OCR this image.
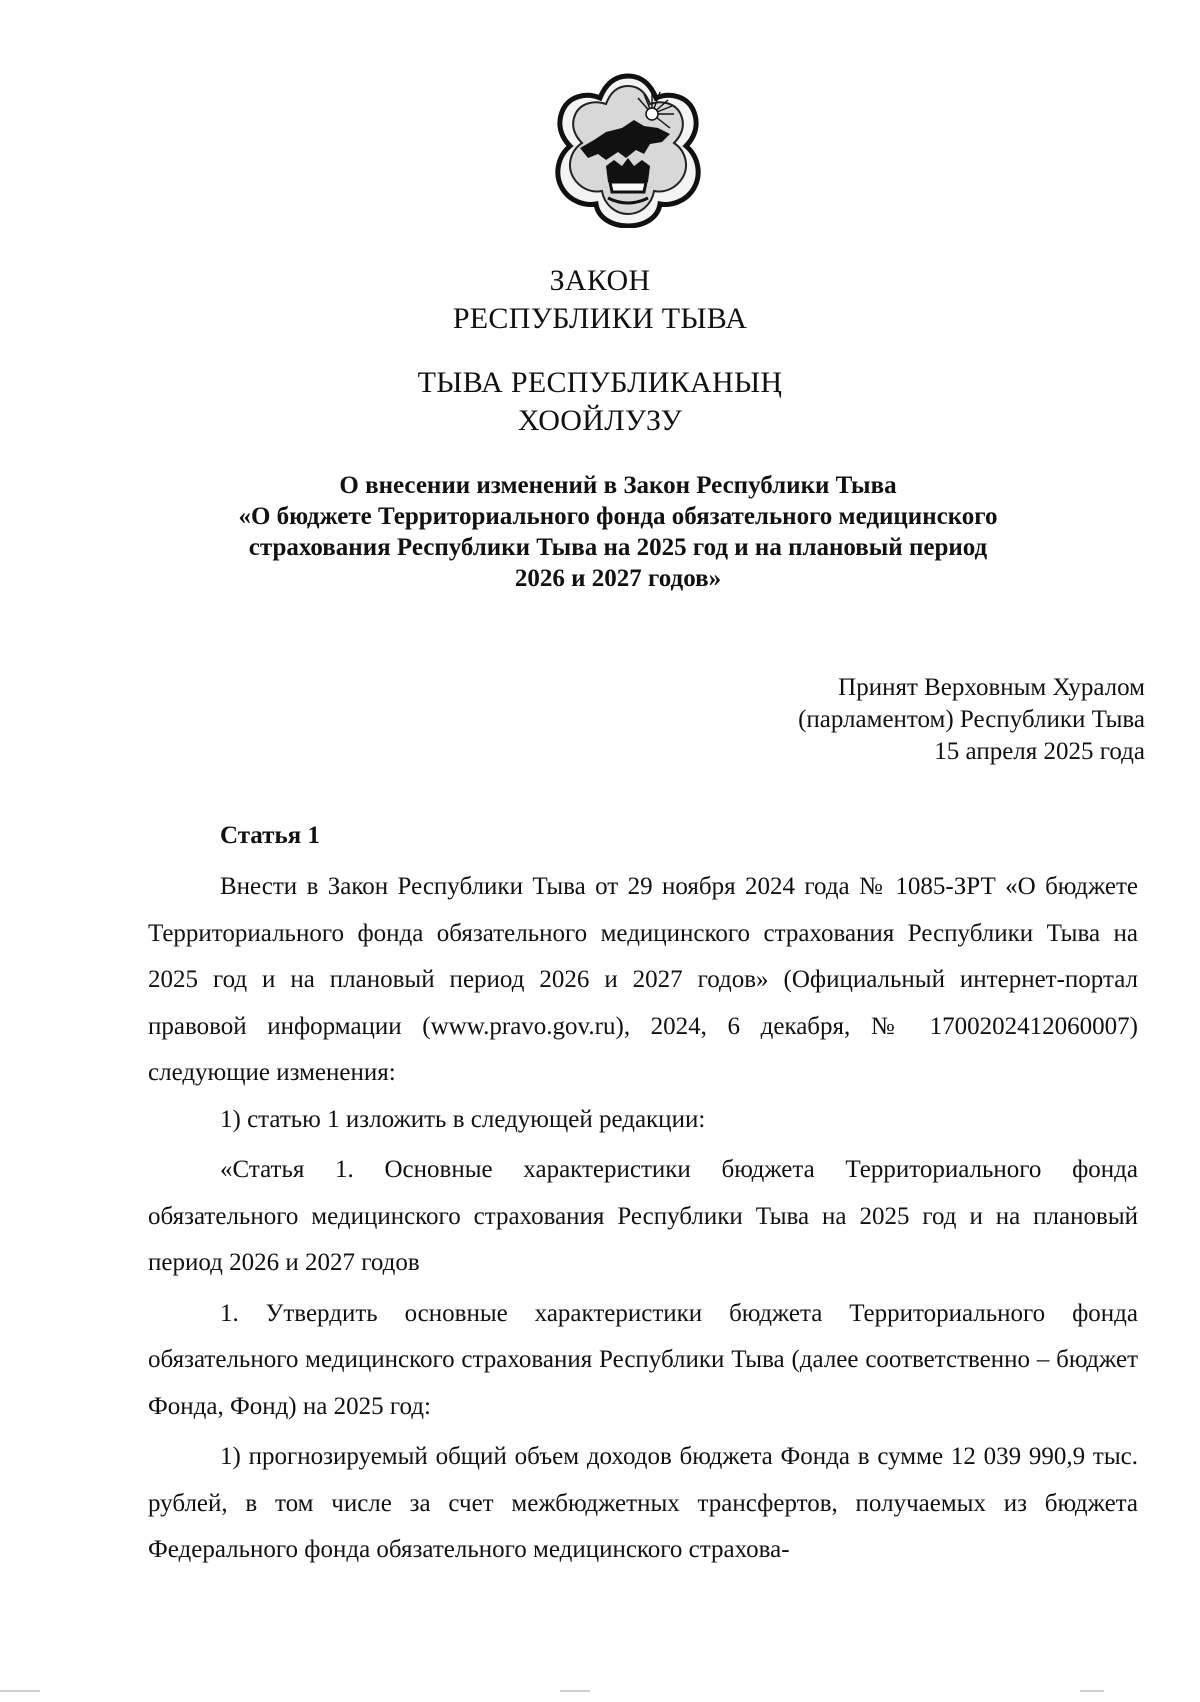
ЗАКОН
РЕСПУБЛИКИ ТЫВА
ТЫВА РЕСПУБЛИКАНЫҢ
ХООЙЛУЗУ
О внесении изменений в Закон Республики Тыва
«О бюджете Территориального фонда обязательного медицинского
страхования Республики Тыва на 2025 год и на плановый период
2026 и 2027 годов»
Принят Верховным Хуралом
(парламентом) Республики Тыва
15 апреля 2025 года
Статья 1

Внести в Закон Республики Тыва от 29 ноября 2024 года № 1085-ЗРТ «О бюджете Территориального фонда обязательного медицинского страхования Республики Тыва на 2025 год и на плановый период 2026 и 2027 годов» (Официальный интернет-портал правовой информации (www.pravo.gov.ru), 2024, 6 декабря, № 1700202412060007) следующие изменения:

1) статью 1 изложить в следующей редакции:

«Статья 1. Основные характеристики бюджета Территориального фонда обязательного медицинского страхования Республики Тыва на 2025 год и на плановый период 2026 и 2027 годов

1. Утвердить основные характеристики бюджета Территориального фонда обязательного медицинского страхования Республики Тыва (далее соответственно – бюджет Фонда, Фонд) на 2025 год:

1) прогнозируемый общий объем доходов бюджета Фонда в сумме 12 039 990,9 тыс. рублей, в том числе за счет межбюджетных трансфертов, получаемых из бюджета Федерального фонда обязательного медицинского страхова-
